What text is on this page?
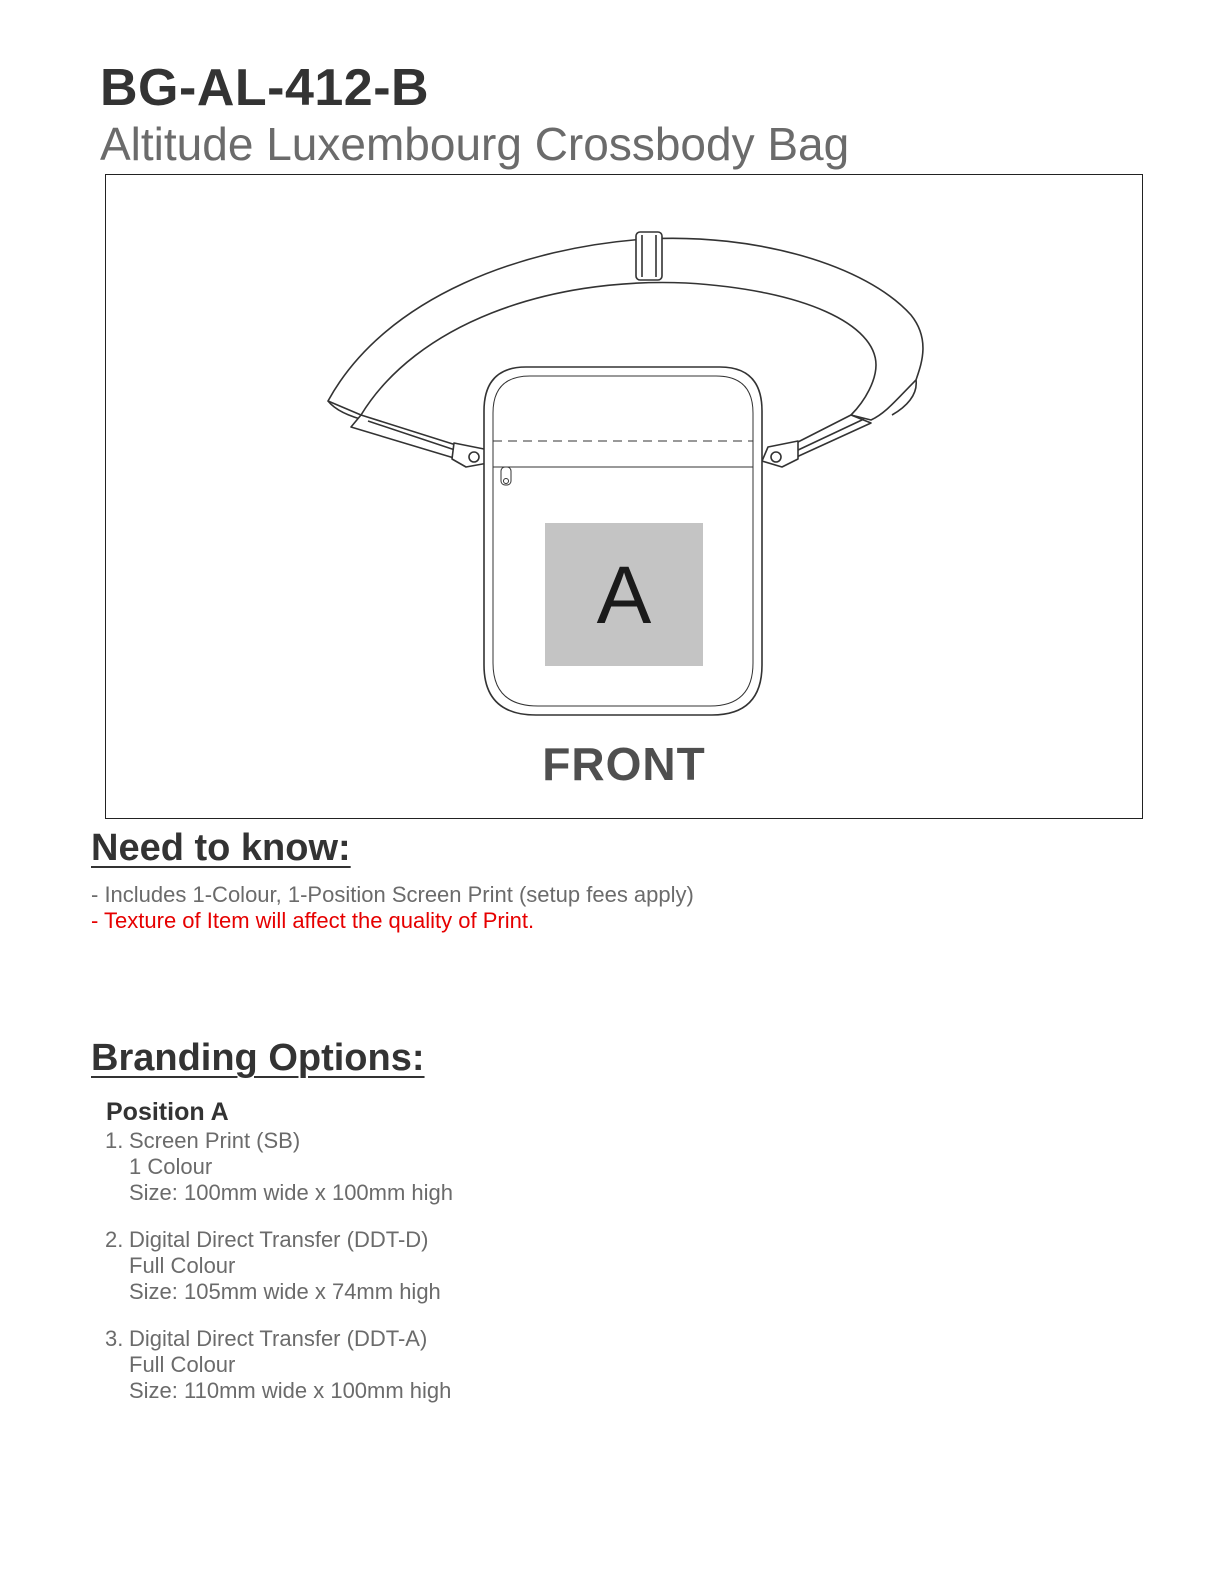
BG-AL-412-B
Altitude Luxembourg Crossbody Bag
A
FRONT
Need to know:
- Includes 1-Colour, 1-Position Screen Print (setup fees apply)
- Texture of Item will affect the quality of Print.
Branding Options:
Position A
1. Screen Print (SB)
1 Colour
Size: 100mm wide x 100mm high
2. Digital Direct Transfer (DDT-D)
Full Colour
Size: 105mm wide x 74mm high
3. Digital Direct Transfer (DDT-A)
Full Colour
Size: 110mm wide x 100mm high
